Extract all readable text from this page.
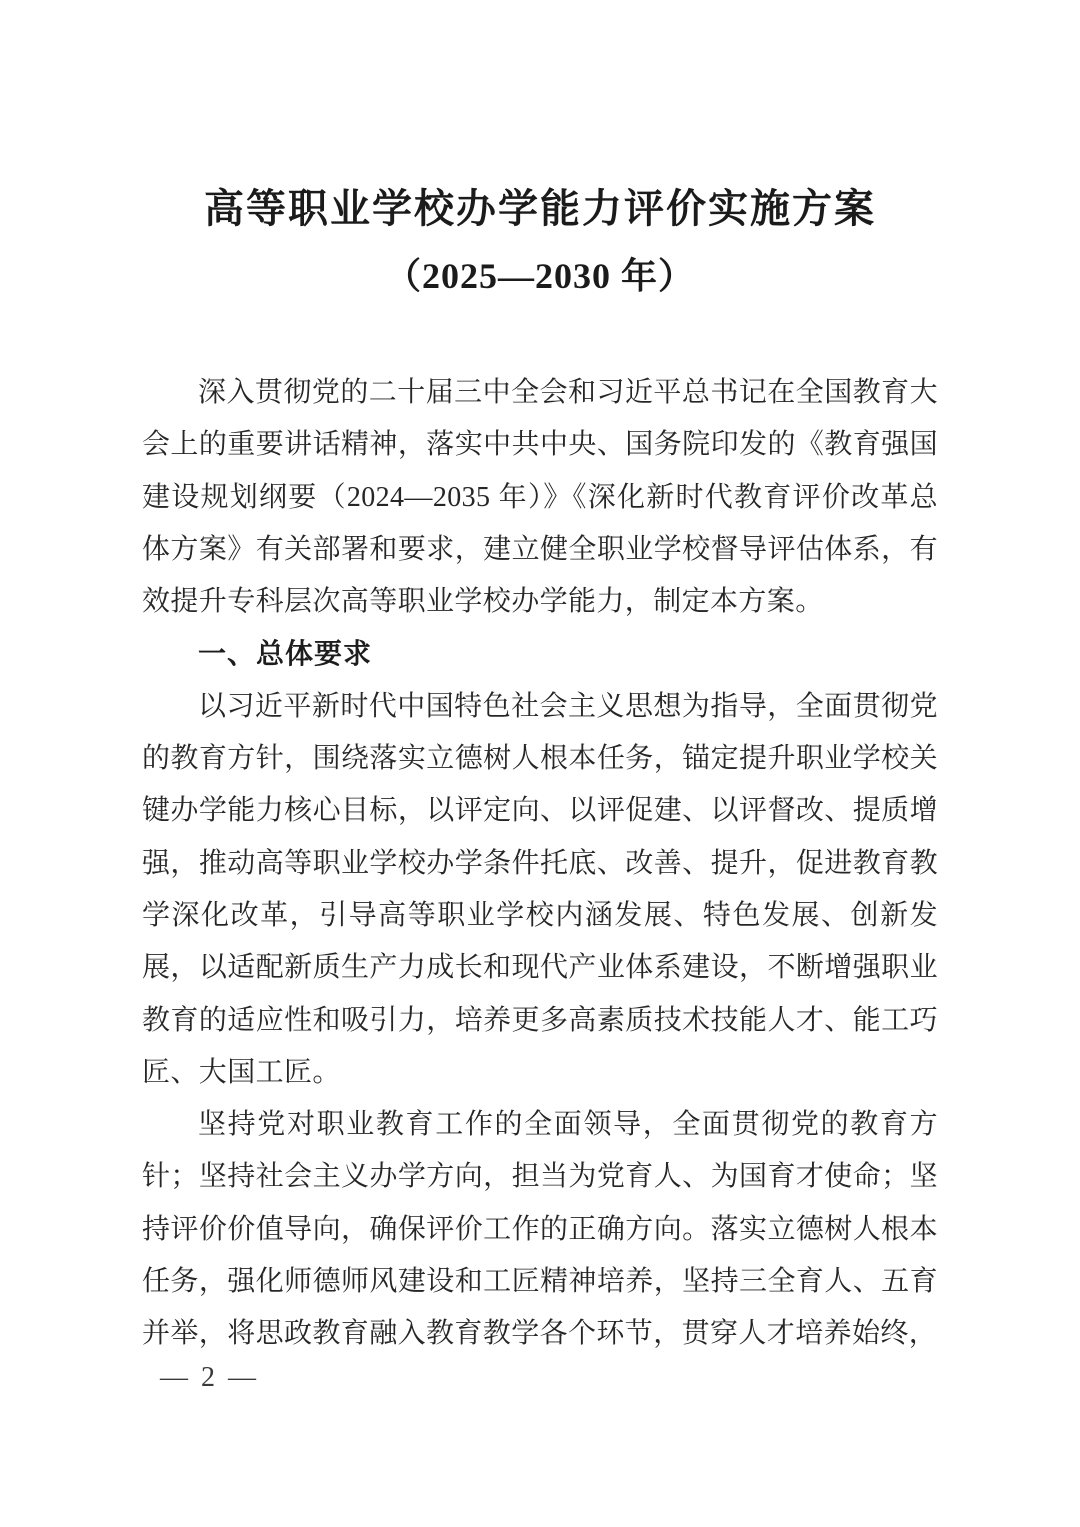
高等职业学校办学能力评价实施方案
（2025—2030 年）

深入贯彻党的二十届三中全会和习近平总书记在全国教育大会上的重要讲话精神，落实中共中央、国务院印发的《教育强国建设规划纲要（2024—2035 年）》《深化新时代教育评价改革总体方案》有关部署和要求，建立健全职业学校督导评估体系，有效提升专科层次高等职业学校办学能力，制定本方案。

一、总体要求

以习近平新时代中国特色社会主义思想为指导，全面贯彻党的教育方针，围绕落实立德树人根本任务，锚定提升职业学校关键办学能力核心目标，以评定向、以评促建、以评督改、提质增强，推动高等职业学校办学条件托底、改善、提升，促进教育教学深化改革，引导高等职业学校内涵发展、特色发展、创新发展，以适配新质生产力成长和现代产业体系建设，不断增强职业教育的适应性和吸引力，培养更多高素质技术技能人才、能工巧匠、大国工匠。

坚持党对职业教育工作的全面领导，全面贯彻党的教育方针；坚持社会主义办学方向，担当为党育人、为国育才使命；坚持评价价值导向，确保评价工作的正确方向。落实立德树人根本任务，强化师德师风建设和工匠精神培养，坚持三全育人、五育并举，将思政教育融入教育教学各个环节，贯穿人才培养始终，

— 2 —
